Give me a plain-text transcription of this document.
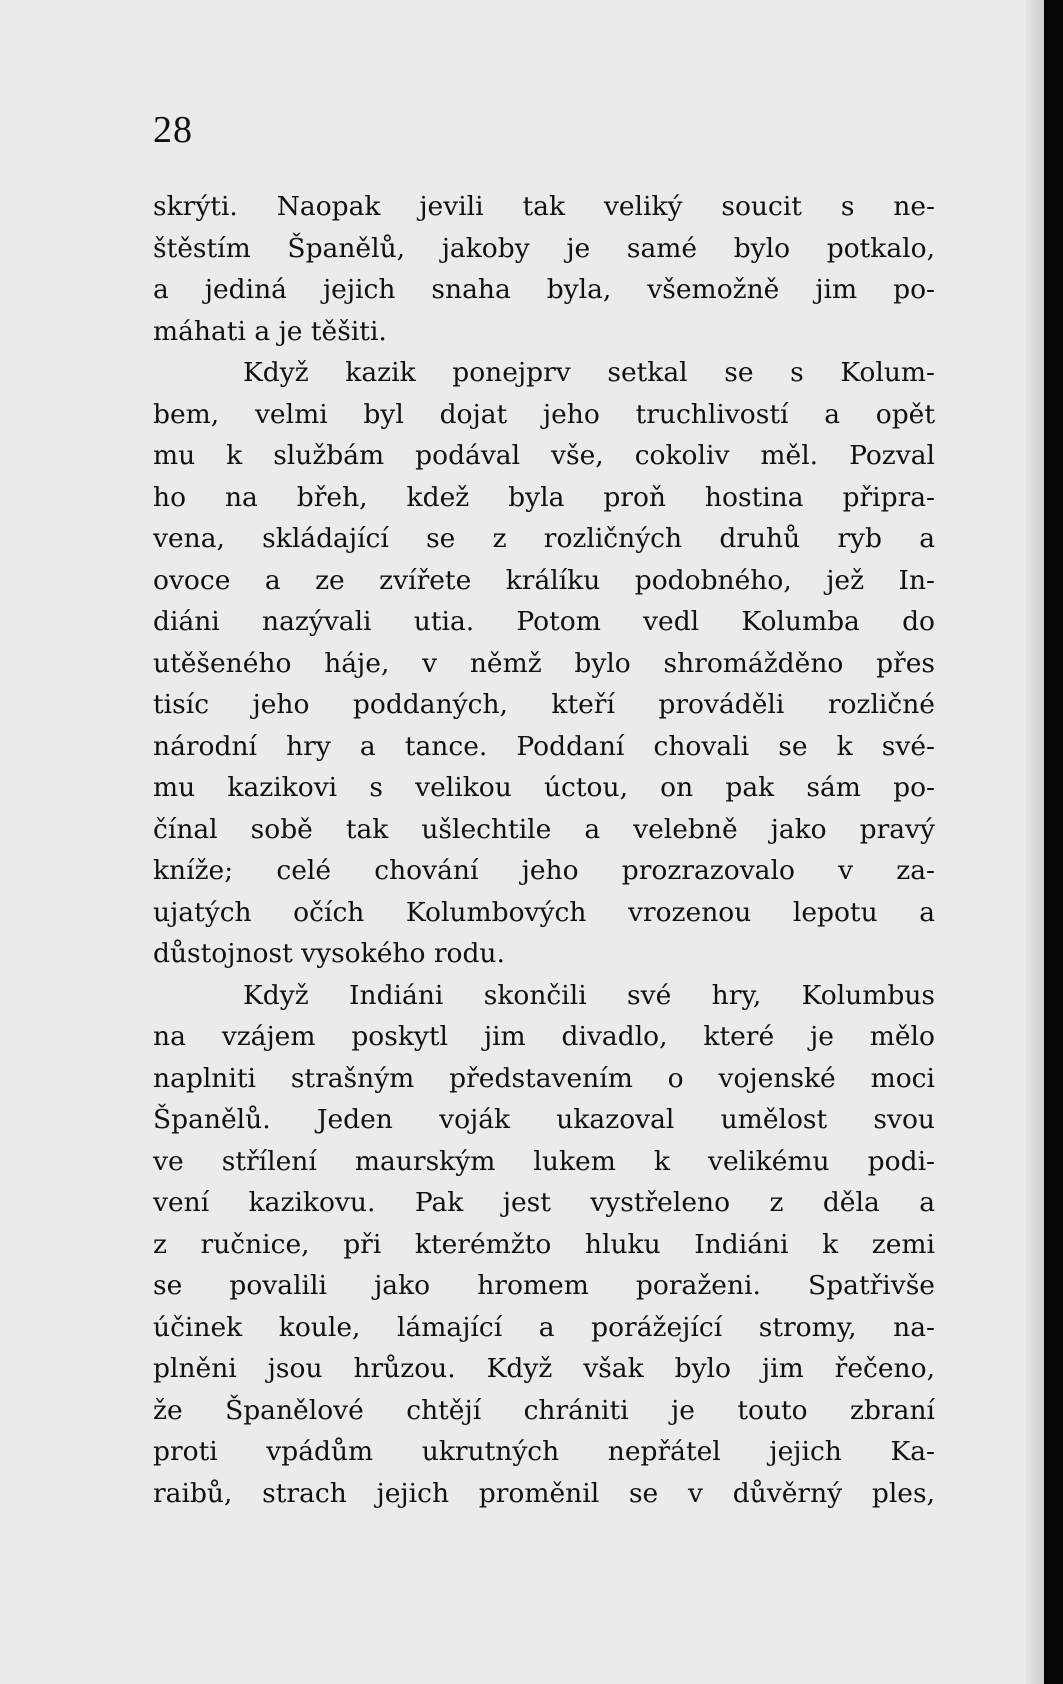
28
skrýti. Naopak jevili tak veliký soucit s ne-
štěstím Španělů, jakoby je samé bylo potkalo,
a jediná jejich snaha byla, všemožně jim po-
máhati a je těšiti.
Když kazik ponejprv setkal se s Kolum-
bem, velmi byl dojat jeho truchlivostí a opět
mu k službám podával vše, cokoliv měl. Pozval
ho na břeh, kdež byla proň hostina připra-
vena, skládající se z rozličných druhů ryb a
ovoce a ze zvířete králíku podobného, jež In-
diáni nazývali utia. Potom vedl Kolumba do
utěšeného háje, v němž bylo shromážděno přes
tisíc jeho poddaných, kteří prováděli rozličné
národní hry a tance. Poddaní chovali se k své-
mu kazikovi s velikou úctou, on pak sám po-
čínal sobě tak ušlechtile a velebně jako pravý
kníže; celé chování jeho prozrazovalo v za-
ujatých očích Kolumbových vrozenou lepotu a
důstojnost vysokého rodu.
Když Indiáni skončili své hry, Kolumbus
na vzájem poskytl jim divadlo, které je mělo
naplniti strašným představením o vojenské moci
Španělů. Jeden voják ukazoval umělost svou
ve střílení maurským lukem k velikému podi-
vení kazikovu. Pak jest vystřeleno z děla a
z ručnice, při kterémžto hluku Indiáni k zemi
se povalili jako hromem poraženi. Spatřivše
účinek koule, lámající a porážející stromy, na-
plněni jsou hrůzou. Když však bylo jim řečeno,
že Španělové chtějí chrániti je touto zbraní
proti vpádům ukrutných nepřátel jejich Ka-
raibů, strach jejich proměnil se v důvěrný ples,
